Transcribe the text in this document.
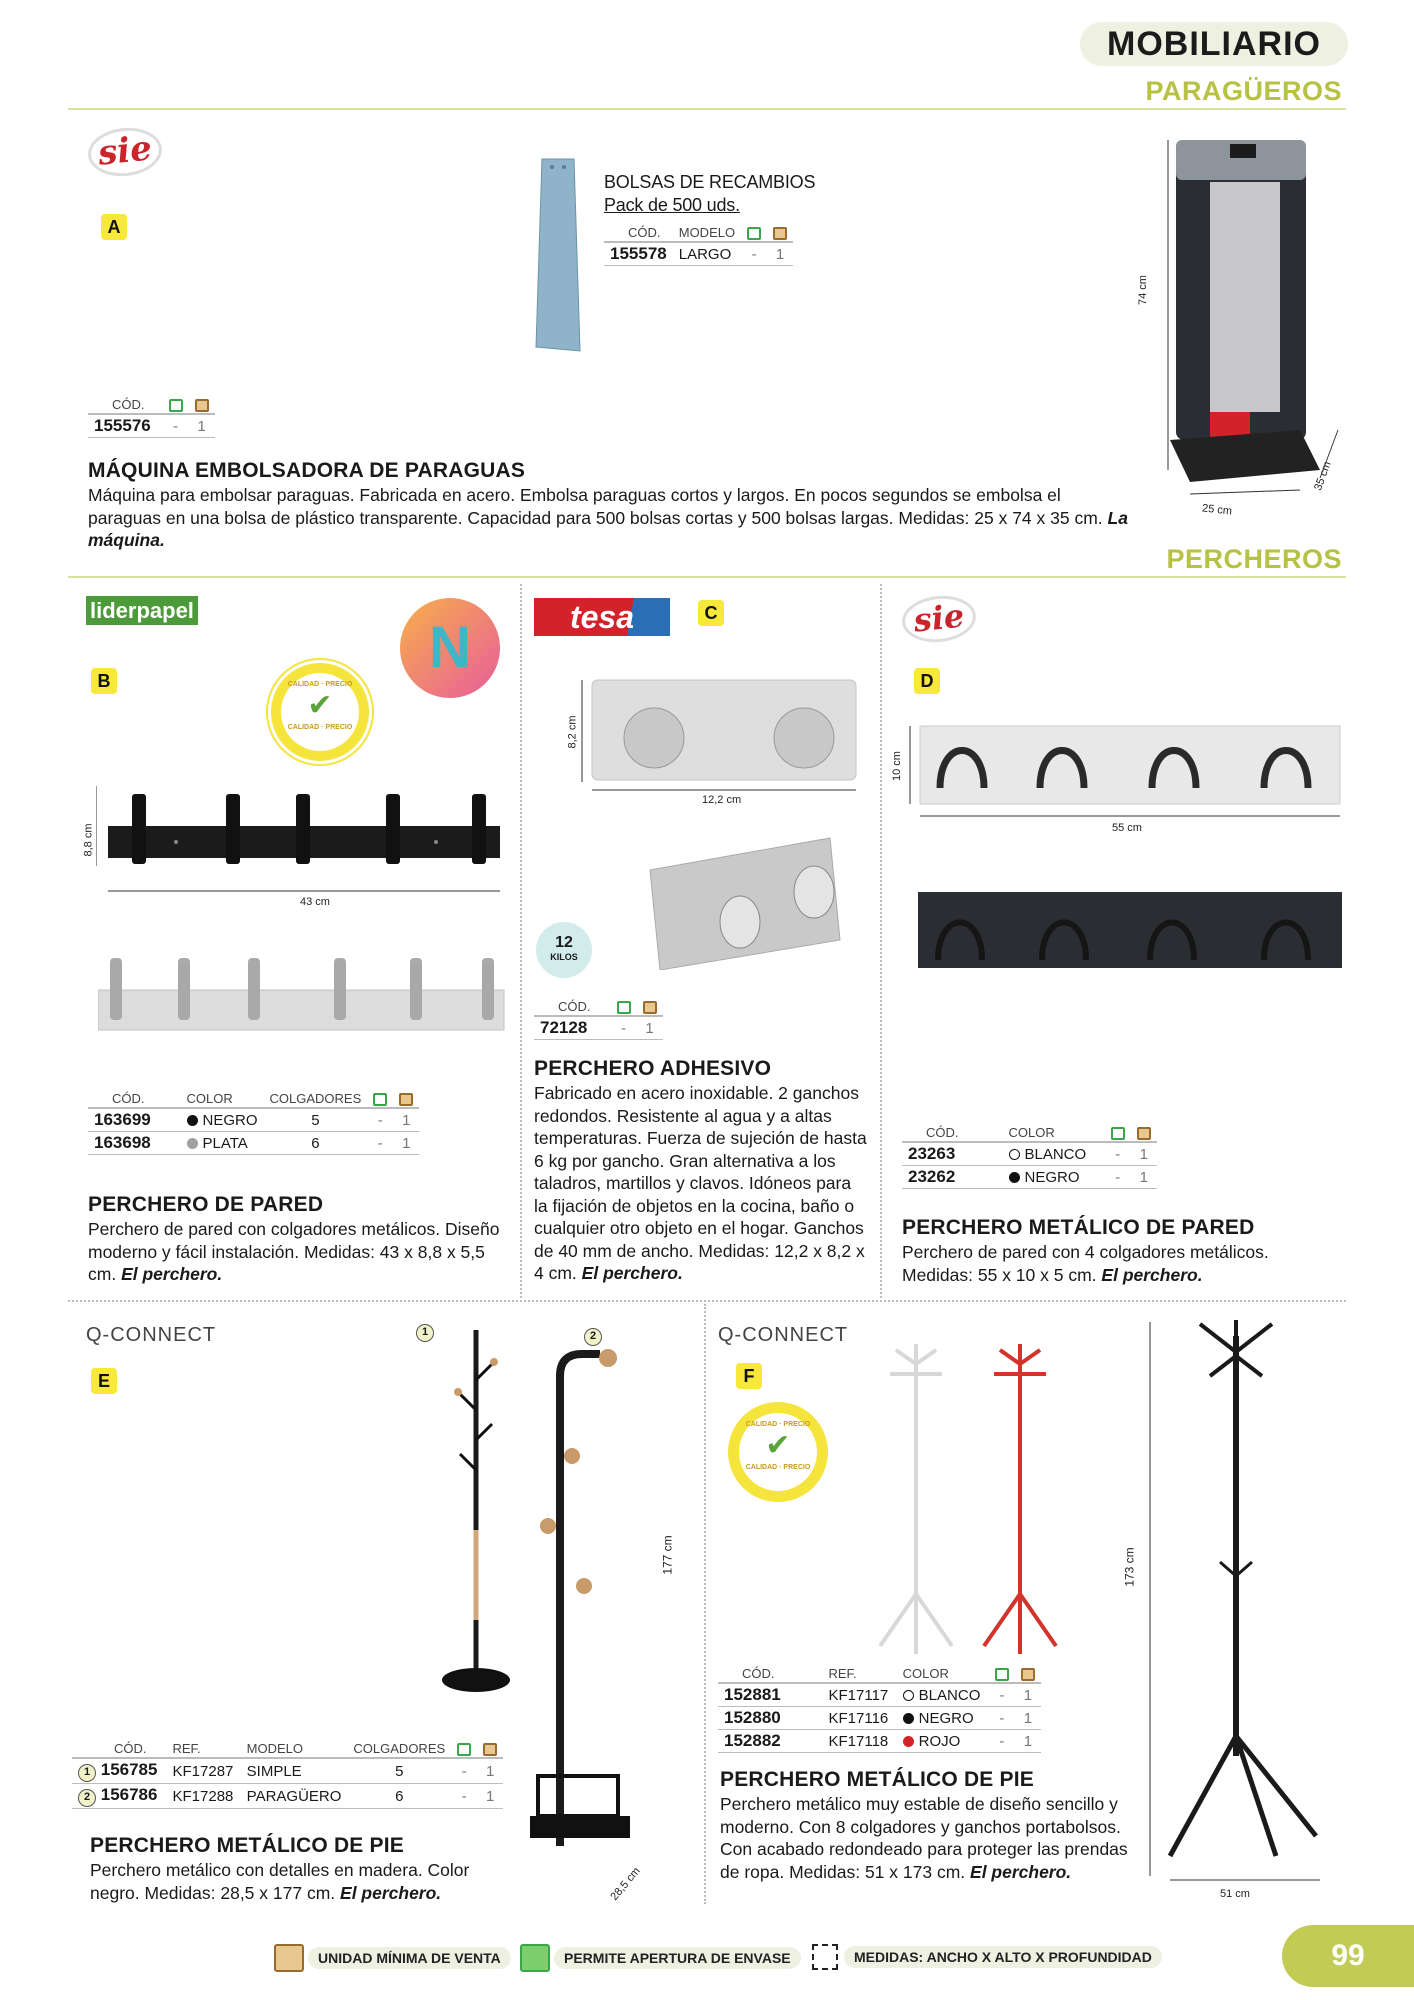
MOBILIARIO
PARAGÜEROS
sie
A
BOLSAS DE RECAMBIOS
Pack de 500 uds.
CÓD.	MODELO		
155578	LARGO	-	1
74 cm
35 cm
25 cm
CÓD.		
155576	-	1
MÁQUINA EMBOLSADORA DE PARAGUAS
Máquina para embolsar paraguas. Fabricada en acero. Embolsa paraguas cortos y largos. En pocos segundos se embolsa el paraguas en una bolsa de plástico transparente. Capacidad para 500 bolsas cortas y 500 bolsas largas. Medidas: 25 x 74 x 35 cm. La máquina.
PERCHEROS
liderpapel
B
N
CALIDAD · PRECIO
✔
CALIDAD · PRECIO
8,8 cm
43 cm
CÓD.	COLOR	COLGADORES		
163699	NEGRO	5	-	1
163698	PLATA	6	-	1
PERCHERO DE PARED
Perchero de pared con colgadores metálicos. Diseño moderno y fácil instalación. Medidas: 43 x 8,8 x 5,5 cm. El perchero.
tesa	C
8,2 cm
12,2 cm
12
KILOS
CÓD.		
72128	-	1
PERCHERO ADHESIVO
Fabricado en acero inoxidable. 2 ganchos redondos. Resistente al agua y a altas temperaturas. Fuerza de sujeción de hasta 6 kg por gancho. Gran alternativa a los taladros, martillos y clavos. Idóneos para la fijación de objetos en la cocina, baño o cualquier otro objeto en el hogar. Ganchos de 40 mm de ancho. Medidas: 12,2 x 8,2 x 4 cm. El perchero.
sie
D
10 cm
55 cm
CÓD.	COLOR		
23263	BLANCO	-	1
23262	NEGRO	-	1
PERCHERO METÁLICO DE PARED
Perchero de pared con 4 colgadores metálicos. Medidas: 55 x 10 x 5 cm. El perchero.
Q-CONNECT
E
1	2
177 cm
28,5 cm
CÓD.	REF.	MODELO	COLGADORES		
1 156785	KF17287	SIMPLE	5	-	1
2 156786	KF17288	PARAGÜERO	6	-	1
PERCHERO METÁLICO DE PIE
Perchero metálico con detalles en madera. Color negro. Medidas: 28,5 x 177 cm. El perchero.
Q-CONNECT
F
CALIDAD · PRECIO
✔
CALIDAD · PRECIO
173 cm
51 cm
CÓD.	REF.	COLOR		
152881	KF17117	BLANCO	-	1
152880	KF17116	NEGRO	-	1
152882	KF17118	ROJO	-	1
PERCHERO METÁLICO DE PIE
Perchero metálico muy estable de diseño sencillo y moderno. Con 8 colgadores y ganchos portabolsos. Con acabado redondeado para proteger las prendas de ropa. Medidas: 51 x 173 cm. El perchero.
UNIDAD MÍNIMA DE VENTA	PERMITE APERTURA DE ENVASE	MEDIDAS: ANCHO X ALTO X PROFUNDIDAD	99
